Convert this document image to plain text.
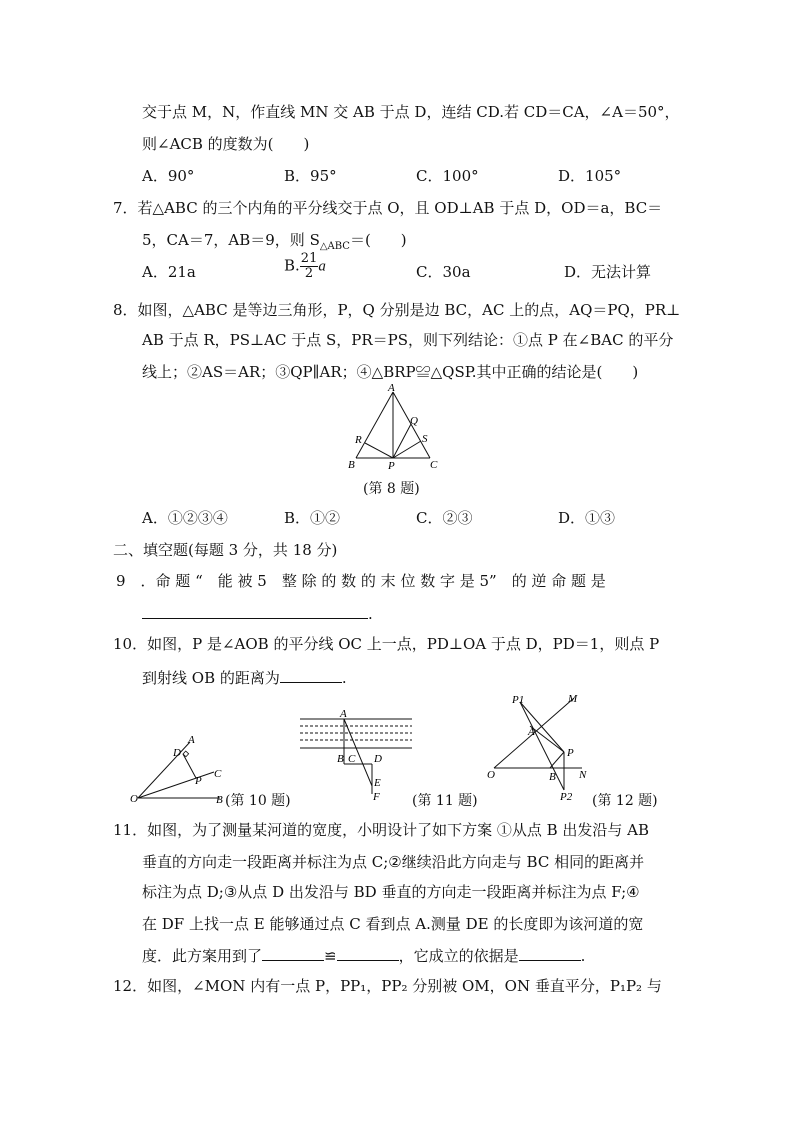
交于点 M，N，作直线 MN 交 AB 于点 D，连结 CD.若 CD＝CA，∠A＝50°，
则∠ACB 的度数为(　　)
A．90°	B．95°	C．100°	D．105°
7．若△ABC 的三个内角的平分线交于点 O，且 OD⊥AB 于点 D，OD＝a，BC＝
5，CA＝7，AB＝9，则 $S_{\triangle ABC}=$(　　)
A．21a	B. $\frac{21}{2}$ a	C．30a	D．无法计算
8．如图，△ABC 是等边三角形，P，Q 分别是边 BC，AC 上的点，AQ＝PQ，PR⊥
AB 于点 R，PS⊥AC 于点 S，PR＝PS，则下列结论：①点 P 在∠BAC 的平分
线上；②AS＝AR；③QP∥AR；④△BRP≌△QSP.其中正确的结论是(　　)
A
B	C
P
Q
R	S
(第 8 题)
A．①②③④	B．①②	C．②③	D．①③
二、填空题(每题 3 分，共 18 分)
9　．命 题 “　能 被 5　整 除 的 数 的 末 位 数 字 是 5”　的 逆 命 题 是
.
10．如图，P 是∠AOB 的平分线 OC 上一点，PD⊥OA 于点 D，PD＝1，则点 P
到射线 OB 的距离为	.
A
C
D
O
P
B (第 10 题)
A
B C D
E
F (第 11 题)
P1	M
A
P
O	B N
P2 (第 12 题)
11．如图，为了测量某河道的宽度，小明设计了如下方案 ①从点 B 出发沿与 AB
垂直的方向走一段距离并标注为点 C;②继续沿此方向走与 BC 相同的距离并
标注为点 D;③从点 D 出发沿与 BD 垂直的方向走一段距离并标注为点 F;④
在 DF 上找一点 E 能够通过点 C 看到点 A.测量 DE 的长度即为该河道的宽
度．此方案用到了	≌	，它成立的依据是	.
12．如图，∠MON 内有一点 P，PP₁，PP₂ 分别被 OM，ON 垂直平分，P₁P₂ 与
